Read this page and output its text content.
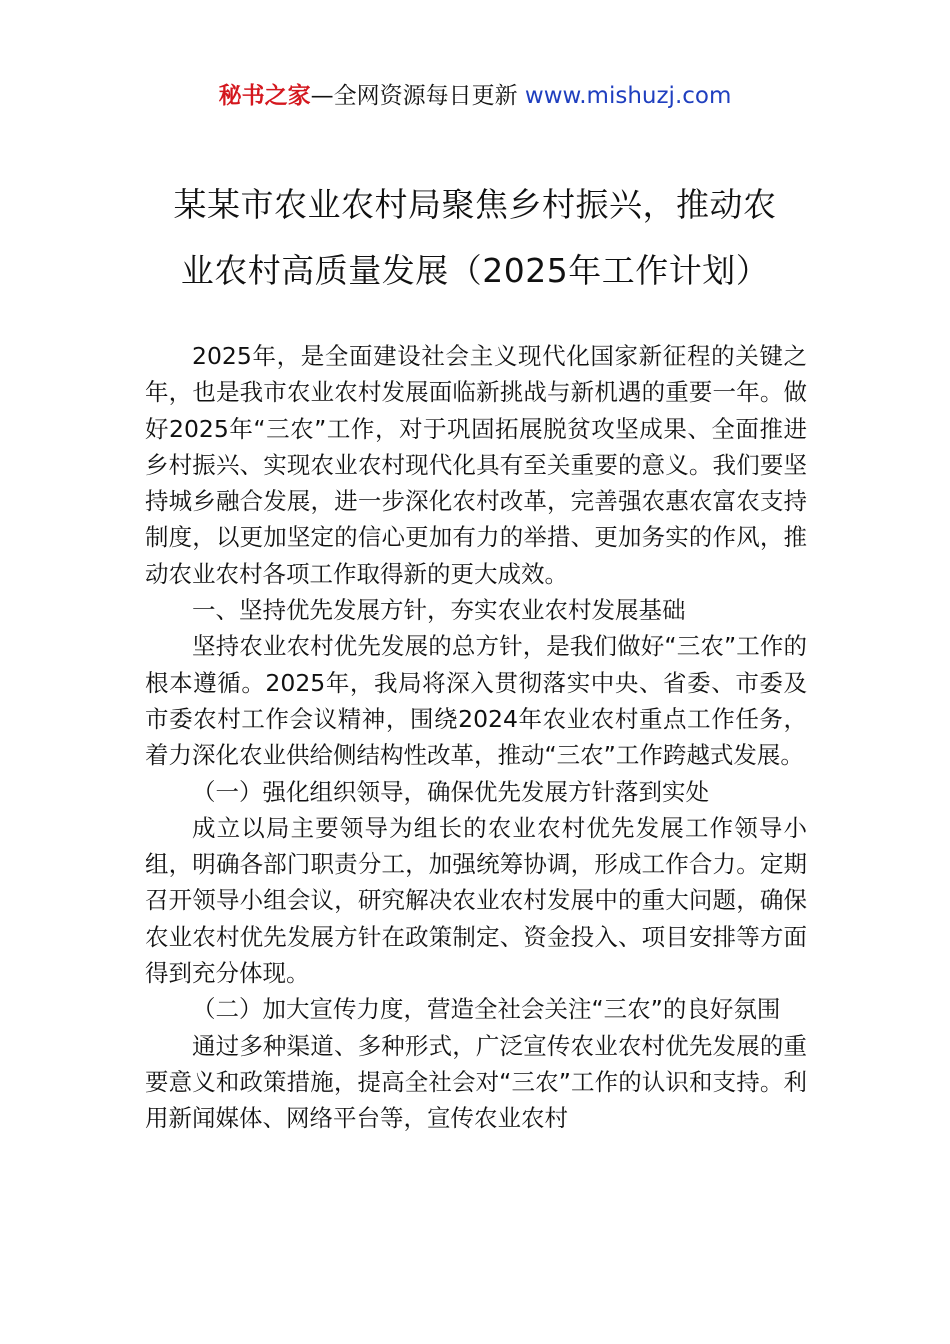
秘书之家—全网资源每日更新 www.mishuzj.com
某某市农业农村局聚焦乡村振兴，推动农
业农村高质量发展（2025年工作计划）

2025年，是全面建设社会主义现代化国家新征程的关键之年，也是我市农业农村发展面临新挑战与新机遇的重要一年。做好2025年“三农”工作，对于巩固拓展脱贫攻坚成果、全面推进乡村振兴、实现农业农村现代化具有至关重要的意义。我们要坚持城乡融合发展，进一步深化农村改革，完善强农惠农富农支持制度，以更加坚定的信心更加有力的举措、更加务实的作风，推动农业农村各项工作取得新的更大成效。

一、坚持优先发展方针，夯实农业农村发展基础

坚持农业农村优先发展的总方针，是我们做好“三农”工作的根本遵循。2025年，我局将深入贯彻落实中央、省委、市委及市委农村工作会议精神，围绕2024年农业农村重点工作任务，着力深化农业供给侧结构性改革，推动“三农”工作跨越式发展。

（一）强化组织领导，确保优先发展方针落到实处

成立以局主要领导为组长的农业农村优先发展工作领导小组，明确各部门职责分工，加强统筹协调，形成工作合力。定期召开领导小组会议，研究解决农业农村发展中的重大问题，确保农业农村优先发展方针在政策制定、资金投入、项目安排等方面得到充分体现。

（二）加大宣传力度，营造全社会关注“三农”的良好氛围

通过多种渠道、多种形式，广泛宣传农业农村优先发展的重要意义和政策措施，提高全社会对“三农”工作的认识和支持。利用新闻媒体、网络平台等，宣传农业农村
